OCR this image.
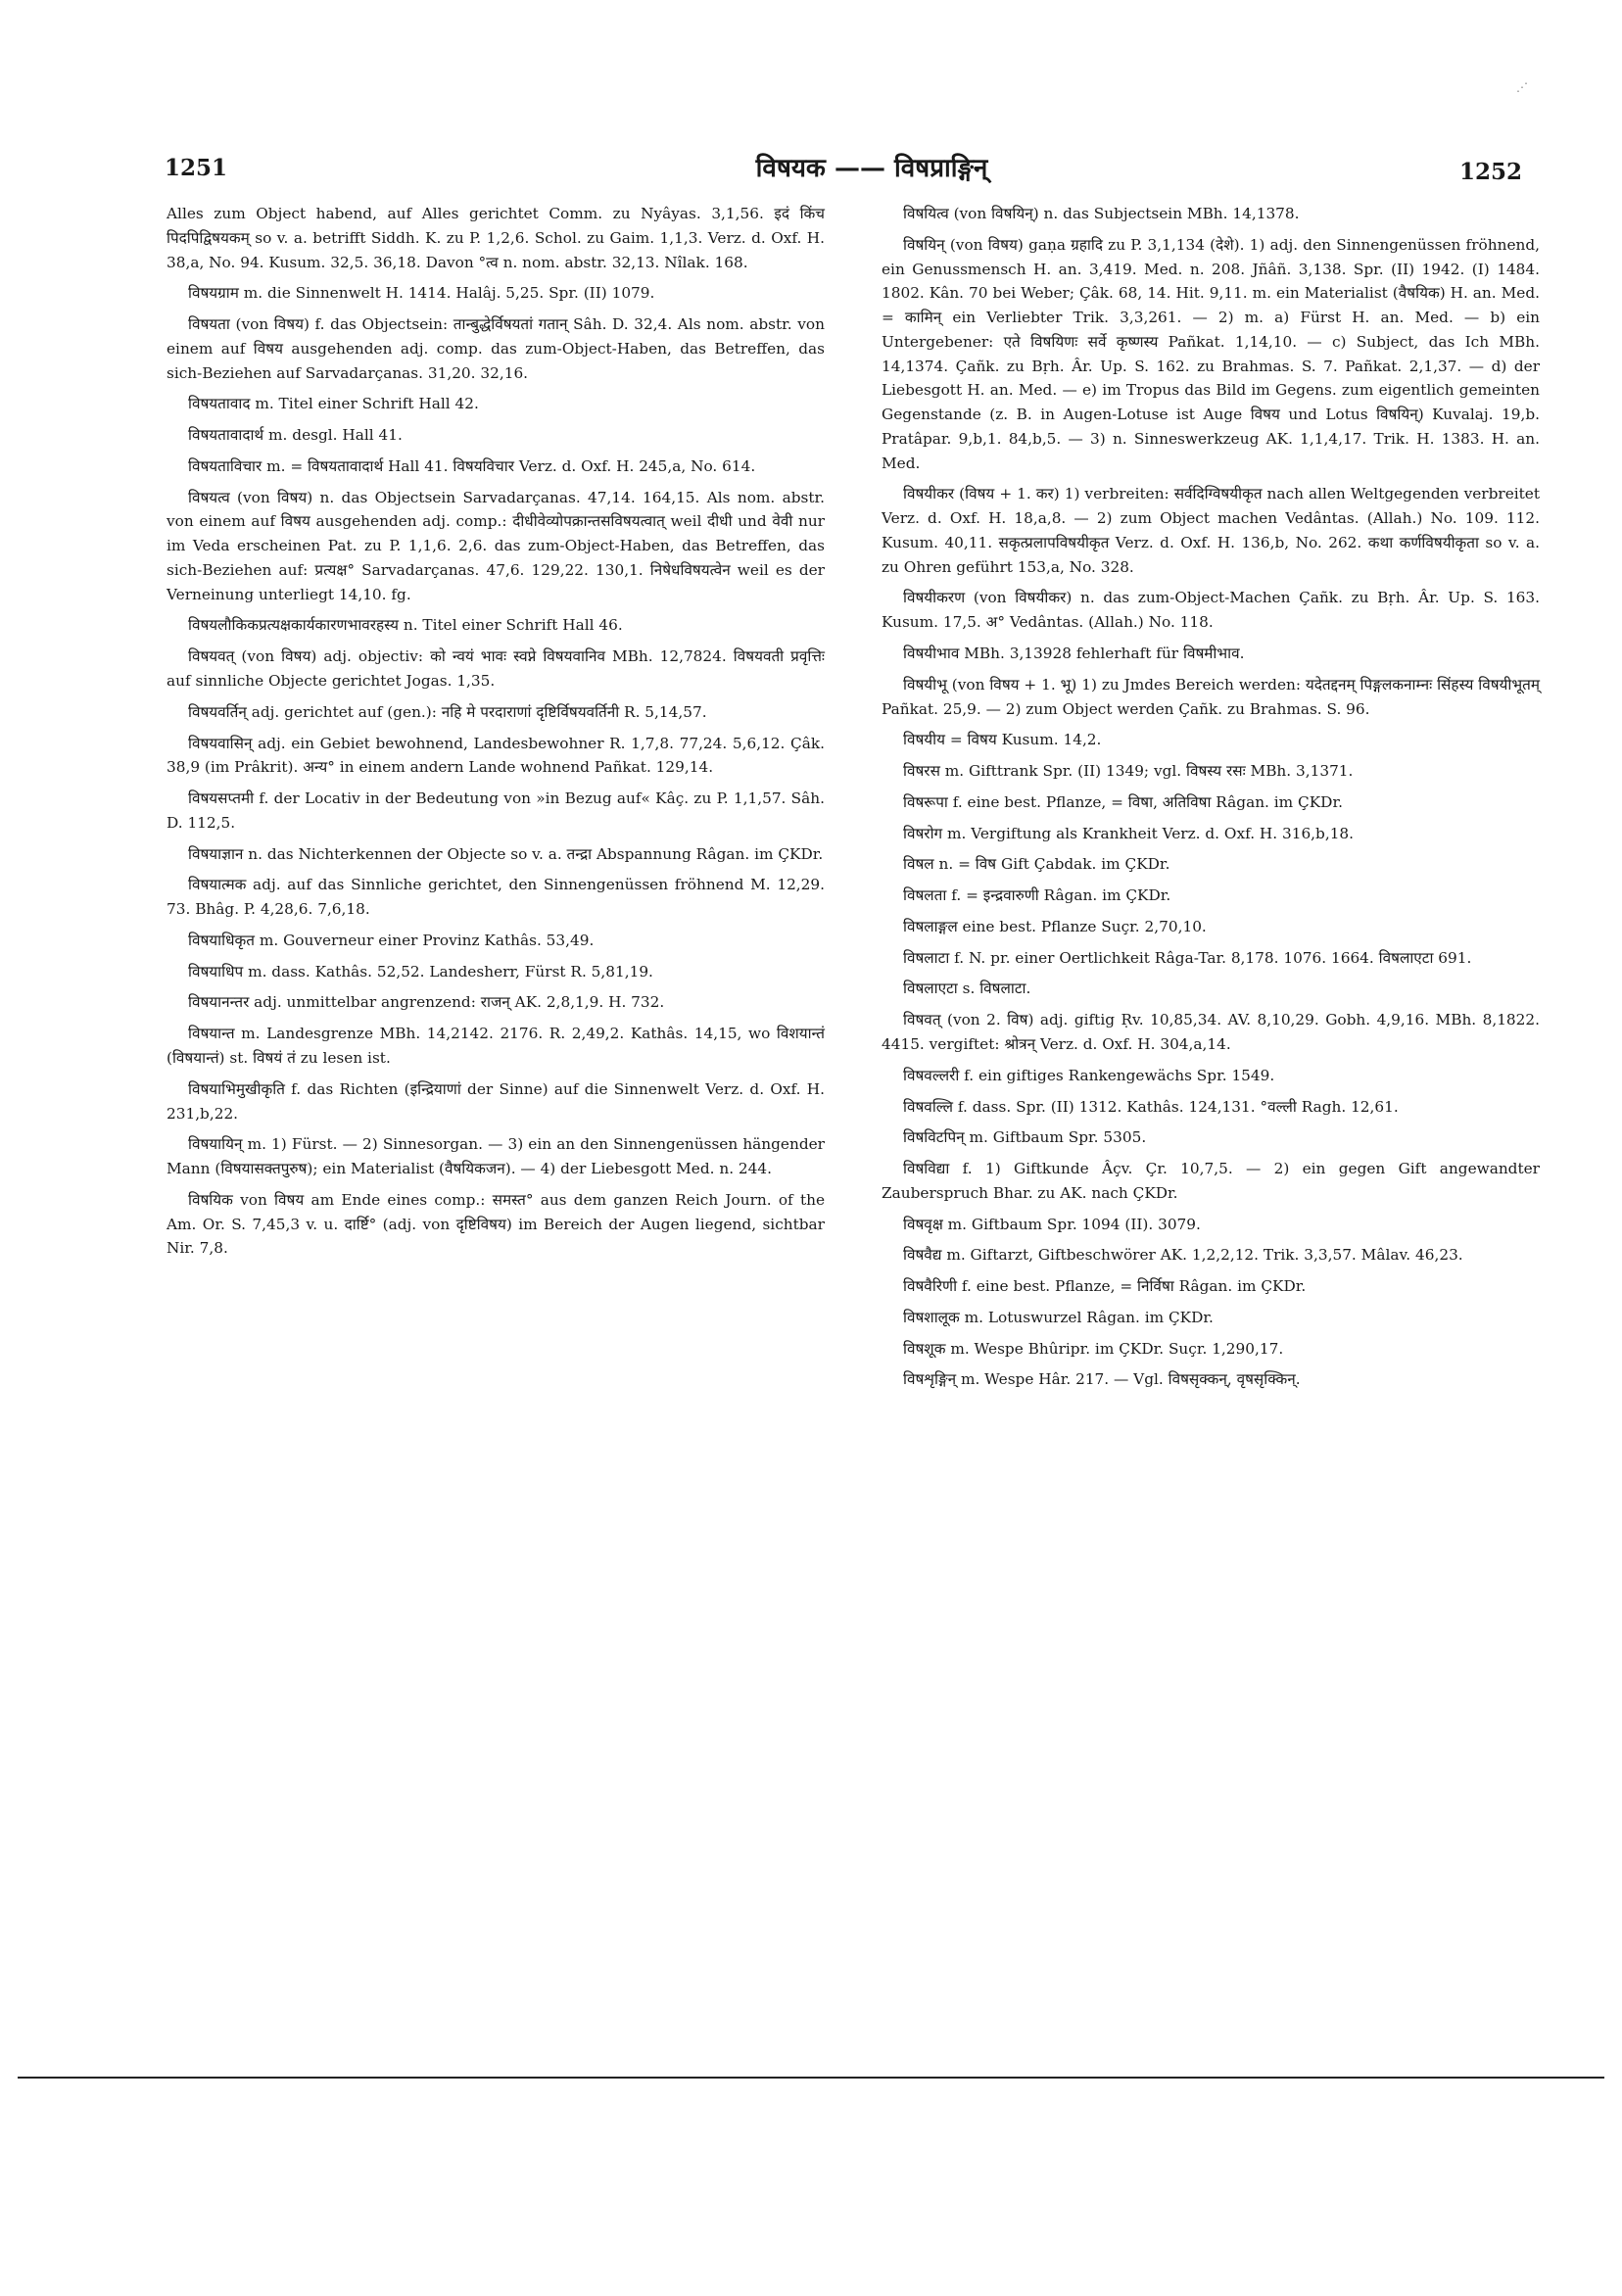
⋰
1251	विषयक —— विषप्राङ्गिन्	1252

Alles zum Object habend, auf Alles gerichtet Comm. zu Nyâyas. 3,1,56. इदं किंच पिदपिद्विषयकम् so v. a. betrifft Siddh. K. zu P. 1,2,6. Schol. zu Gaim. 1,1,3. Verz. d. Oxf. H. 38,a, No. 94. Kusum. 32,5. 36,18. Davon °त्व n. nom. abstr. 32,13. Nîlak. 168.

विषयग्राम m. die Sinnenwelt H. 1414. Halâj. 5,25. Spr. (II) 1079.

विषयता (von विषय) f. das Objectsein: तान्बुद्धेर्विषयतां गतान् Sâh. D. 32,4. Als nom. abstr. von einem auf विषय ausgehenden adj. comp. das zum-Object-Haben, das Betreffen, das sich-Beziehen auf Sarvadarçanas. 31,20. 32,16.

विषयतावाद m. Titel einer Schrift Hall 42.

विषयतावादार्थ m. desgl. Hall 41.

विषयताविचार m. = विषयतावादार्थ Hall 41. विषयविचार Verz. d. Oxf. H. 245,a, No. 614.

विषयत्व (von विषय) n. das Objectsein Sarvadarçanas. 47,14. 164,15. Als nom. abstr. von einem auf विषय ausgehenden adj. comp.: दीधीवेव्योपक्रान्तसविषयत्वात् weil दीधी und वेवी nur im Veda erscheinen Pat. zu P. 1,1,6. 2,6. das zum-Object-Haben, das Betreffen, das sich-Beziehen auf: प्रत्यक्ष° Sarvadarçanas. 47,6. 129,22. 130,1. निषेधविषयत्वेन weil es der Verneinung unterliegt 14,10. fg.

विषयलौकिकप्रत्यक्षकार्यकारणभावरहस्य n. Titel einer Schrift Hall 46.

विषयवत् (von विषय) adj. objectiv: को न्वयं भावः स्वप्ने विषयवानिव MBh. 12,7824. विषयवती प्रवृत्तिः auf sinnliche Objecte gerichtet Jogas. 1,35.

विषयवर्तिन् adj. gerichtet auf (gen.): नहि मे परदाराणां दृष्टिर्विषयवर्तिनी R. 5,14,57.

विषयवासिन् adj. ein Gebiet bewohnend, Landesbewohner R. 1,7,8. 77,24. 5,6,12. Çâk. 38,9 (im Prâkrit). अन्य° in einem andern Lande wohnend Pañkat. 129,14.

विषयसप्तमी f. der Locativ in der Bedeutung von »in Bezug auf« Kâç. zu P. 1,1,57. Sâh. D. 112,5.

विषयाज्ञान n. das Nichterkennen der Objecte so v. a. तन्द्रा Abspannung Râgan. im ÇKDr.

विषयात्मक adj. auf das Sinnliche gerichtet, den Sinnengenüssen fröhnend M. 12,29. 73. Bhâg. P. 4,28,6. 7,6,18.

विषयाधिकृत m. Gouverneur einer Provinz Kathâs. 53,49.

विषयाधिप m. dass. Kathâs. 52,52. Landesherr, Fürst R. 5,81,19.

विषयानन्तर adj. unmittelbar angrenzend: राजन् AK. 2,8,1,9. H. 732.

विषयान्त m. Landesgrenze MBh. 14,2142. 2176. R. 2,49,2. Kathâs. 14,15, wo विशयान्तं (विषयान्तं) st. विषयं तं zu lesen ist.

विषयाभिमुखीकृति f. das Richten (इन्द्रियाणां der Sinne) auf die Sinnenwelt Verz. d. Oxf. H. 231,b,22.

विषयायिन् m. 1) Fürst. — 2) Sinnesorgan. — 3) ein an den Sinnengenüssen hängender Mann (विषयासक्तपुरुष); ein Materialist (वैषयिकजन). — 4) der Liebesgott Med. n. 244.

विषयिक von विषय am Ende eines comp.: समस्त° aus dem ganzen Reich Journ. of the Am. Or. S. 7,45,3 v. u. दार्ष्टि° (adj. von दृष्टिविषय) im Bereich der Augen liegend, sichtbar Nir. 7,8.

विषयित्व (von विषयिन्) n. das Subjectsein MBh. 14,1378.

विषयिन् (von विषय) gaṇa ग्रहादि zu P. 3,1,134 (देशे). 1) adj. den Sinnengenüssen fröhnend, ein Genussmensch H. an. 3,419. Med. n. 208. Jñâñ. 3,138. Spr. (II) 1942. (I) 1484. 1802. Kân. 70 bei Weber; Çâk. 68, 14. Hit. 9,11. m. ein Materialist (वैषयिक) H. an. Med. = कामिन् ein Verliebter Trik. 3,3,261. — 2) m. a) Fürst H. an. Med. — b) ein Untergebener: एते विषयिणः सर्वे कृष्णस्य Pañkat. 1,14,10. — c) Subject, das Ich MBh. 14,1374. Çañk. zu Bṛh. Âr. Up. S. 162. zu Brahmas. S. 7. Pañkat. 2,1,37. — d) der Liebesgott H. an. Med. — e) im Tropus das Bild im Gegens. zum eigentlich gemeinten Gegenstande (z. B. in Augen-Lotuse ist Auge विषय und Lotus विषयिन्) Kuvalaj. 19,b. Pratâpar. 9,b,1. 84,b,5. — 3) n. Sinneswerkzeug AK. 1,1,4,17. Trik. H. 1383. H. an. Med.

विषयीकर (विषय + 1. कर) 1) verbreiten: सर्वदिग्विषयीकृत nach allen Weltgegenden verbreitet Verz. d. Oxf. H. 18,a,8. — 2) zum Object machen Vedântas. (Allah.) No. 109. 112. Kusum. 40,11. सकृत्प्रलापविषयीकृत Verz. d. Oxf. H. 136,b, No. 262. कथा कर्णविषयीकृता so v. a. zu Ohren geführt 153,a, No. 328.

विषयीकरण (von विषयीकर) n. das zum-Object-Machen Çañk. zu Bṛh. Âr. Up. S. 163. Kusum. 17,5. अ° Vedântas. (Allah.) No. 118.

विषयीभाव MBh. 3,13928 fehlerhaft für विषमीभाव.

विषयीभू (von विषय + 1. भू) 1) zu Jmdes Bereich werden: यदेतद्दनम् पिङ्गलकनाम्नः सिंहस्य विषयीभूतम् Pañkat. 25,9. — 2) zum Object werden Çañk. zu Brahmas. S. 96.

विषयीय = विषय Kusum. 14,2.

विषरस m. Gifttrank Spr. (II) 1349; vgl. विषस्य रसः MBh. 3,1371.

विषरूपा f. eine best. Pflanze, = विषा, अतिविषा Râgan. im ÇKDr.

विषरोग m. Vergiftung als Krankheit Verz. d. Oxf. H. 316,b,18.

विषल n. = विष Gift Çabdak. im ÇKDr.

विषलता f. = इन्द्रवारुणी Râgan. im ÇKDr.

विषलाङ्गल eine best. Pflanze Suçr. 2,70,10.

विषलाटा f. N. pr. einer Oertlichkeit Râga-Tar. 8,178. 1076. 1664. विषलाएटा 691.

विषलाएटा s. विषलाटा.

विषवत् (von 2. विष) adj. giftig Ṛv. 10,85,34. AV. 8,10,29. Gobh. 4,9,16. MBh. 8,1822. 4415. vergiftet: श्रोत्रन् Verz. d. Oxf. H. 304,a,14.

विषवल्लरी f. ein giftiges Rankengewächs Spr. 1549.

विषवल्लि f. dass. Spr. (II) 1312. Kathâs. 124,131. °वल्ली Ragh. 12,61.

विषविटपिन् m. Giftbaum Spr. 5305.

विषविद्या f. 1) Giftkunde Âçv. Çr. 10,7,5. — 2) ein gegen Gift angewandter Zauberspruch Bhar. zu AK. nach ÇKDr.

विषवृक्ष m. Giftbaum Spr. 1094 (II). 3079.

विषवैद्य m. Giftarzt, Giftbeschwörer AK. 1,2,2,12. Trik. 3,3,57. Mâlav. 46,23.

विषवैरिणी f. eine best. Pflanze, = निर्विषा Râgan. im ÇKDr.

विषशालूक m. Lotuswurzel Râgan. im ÇKDr.

विषशूक m. Wespe Bhûripr. im ÇKDr. Suçr. 1,290,17.

विषशृङ्गिन् m. Wespe Hâr. 217. — Vgl. विषसृक्कन्, वृषसृक्किन्.
